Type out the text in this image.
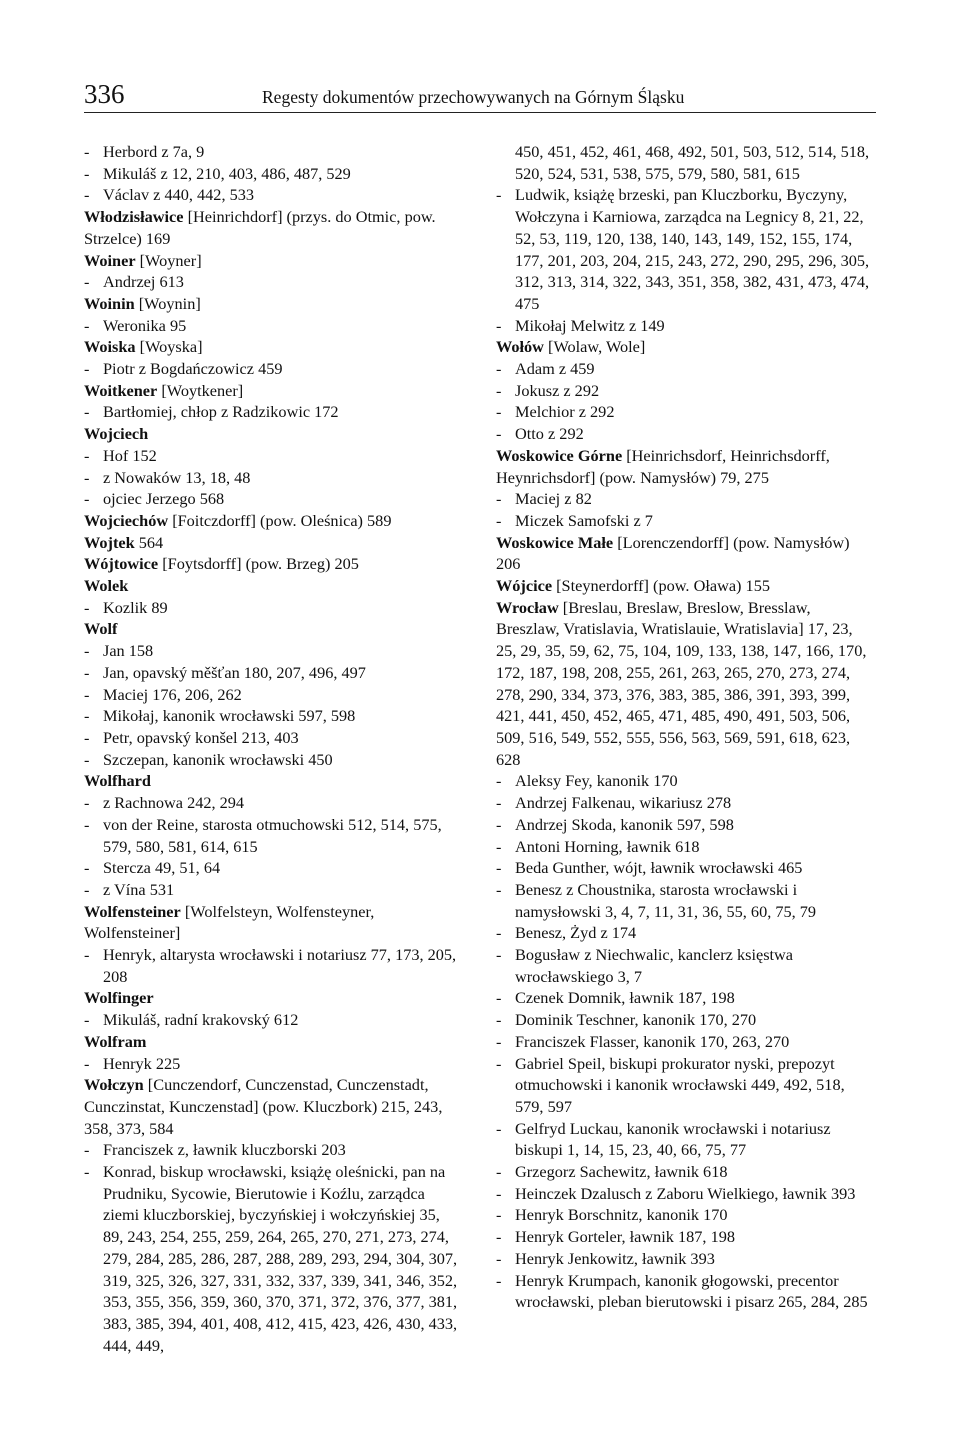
336	Regesty dokumentów przechowywanych na Górnym Śląsku

- Herbord z 7a, 9

- Mikuláš z 12, 210, 403, 486, 487, 529

- Václav z 440, 442, 533

Włodzisławice [Heinrichdorf] (przys. do Otmic, pow. Strzelce) 169

Woiner [Woyner]

- Andrzej 613

Woinin [Woynin]

- Weronika 95

Woiska [Woyska]

- Piotr z Bogdańczowicz 459

Woitkener [Woytkener]

- Bartłomiej, chłop z Radzikowic 172

Wojciech

- Hof 152

- z Nowaków 13, 18, 48

- ojciec Jerzego 568

Wojciechów [Foitczdorff] (pow. Oleśnica) 589

Wojtek 564

Wójtowice [Foytsdorff] (pow. Brzeg) 205

Wolek

- Kozlik 89

Wolf

- Jan 158

- Jan, opavský měšťan 180, 207, 496, 497

- Maciej 176, 206, 262

- Mikołaj, kanonik wrocławski 597, 598

- Petr, opavský konšel 213, 403

- Szczepan, kanonik wrocławski 450

Wolfhard

- z Rachnowa 242, 294

- von der Reine, starosta otmuchowski 512, 514, 575, 579, 580, 581, 614, 615

- Stercza 49, 51, 64

- z Vína 531

Wolfensteiner [Wolfelsteyn, Wolfensteyner, Wolfensteiner]

- Henryk, altarysta wrocławski i notariusz 77, 173, 205, 208

Wolfinger

- Mikuláš, radní krakovský 612

Wolfram

- Henryk 225

Wołczyn [Cunczendorf, Cunczenstad, Cunczenstadt, Cunczinstat, Kunczenstad] (pow. Kluczbork) 215, 243, 358, 373, 584

- Franciszek z, ławnik kluczborski 203

- Konrad, biskup wrocławski, książę oleśnicki, pan na Prudniku, Sycowie, Bierutowie i Koźlu, zarządca ziemi kluczborskiej, byczyńskiej i wołczyńskiej 35, 89, 243, 254, 255, 259, 264, 265, 270, 271, 273, 274, 279, 284, 285, 286, 287, 288, 289, 293, 294, 304, 307, 319, 325, 326, 327, 331, 332, 337, 339, 341, 346, 352, 353, 355, 356, 359, 360, 370, 371, 372, 376, 377, 381, 383, 385, 394, 401, 408, 412, 415, 423, 426, 430, 433, 444, 449,

450, 451, 452, 461, 468, 492, 501, 503, 512, 514, 518, 520, 524, 531, 538, 575, 579, 580, 581, 615

- Ludwik, książę brzeski, pan Kluczborku, Byczyny, Wołczyna i Karniowa, zarządca na Legnicy 8, 21, 22, 52, 53, 119, 120, 138, 140, 143, 149, 152, 155, 174, 177, 201, 203, 204, 215, 243, 272, 290, 295, 296, 305, 312, 313, 314, 322, 343, 351, 358, 382, 431, 473, 474, 475

- Mikołaj Melwitz z 149

Wołów [Wolaw, Wole]

- Adam z 459

- Jokusz z 292

- Melchior z 292

- Otto z 292

Woskowice Górne [Heinrichsdorf, Heinrichsdorff, Heynrichsdorf] (pow. Namysłów) 79, 275

- Maciej z 82

- Miczek Samofski z 7

Woskowice Małe [Lorenczendorff] (pow. Namysłów) 206

Wójcice [Steynerdorff] (pow. Oława) 155

Wrocław [Breslau, Breslaw, Breslow, Bresslaw, Breszlaw, Vratislavia, Wratislauie, Wratislavia] 17, 23, 25, 29, 35, 59, 62, 75, 104, 109, 133, 138, 147, 166, 170, 172, 187, 198, 208, 255, 261, 263, 265, 270, 273, 274, 278, 290, 334, 373, 376, 383, 385, 386, 391, 393, 399, 421, 441, 450, 452, 465, 471, 485, 490, 491, 503, 506, 509, 516, 549, 552, 555, 556, 563, 569, 591, 618, 623, 628

- Aleksy Fey, kanonik 170

- Andrzej Falkenau, wikariusz 278

- Andrzej Skoda, kanonik 597, 598

- Antoni Horning, ławnik 618

- Beda Gunther, wójt, ławnik wrocławski 465

- Benesz z Choustnika, starosta wrocławski i namysłowski 3, 4, 7, 11, 31, 36, 55, 60, 75, 79

- Benesz, Żyd z 174

- Bogusław z Niechwalic, kanclerz księstwa wrocławskiego 3, 7

- Czenek Domnik, ławnik 187, 198

- Dominik Teschner, kanonik 170, 270

- Franciszek Flasser, kanonik 170, 263, 270

- Gabriel Speil, biskupi prokurator nyski, prepozyt otmuchowski i kanonik wrocławski 449, 492, 518, 579, 597

- Gelfryd Luckau, kanonik wrocławski i notariusz biskupi 1, 14, 15, 23, 40, 66, 75, 77

- Grzegorz Sachewitz, ławnik 618

- Heinczek Dzalusch z Zaboru Wielkiego, ławnik 393

- Henryk Borschnitz, kanonik 170

- Henryk Gorteler, ławnik 187, 198

- Henryk Jenkowitz, ławnik 393

- Henryk Krumpach, kanonik głogowski, precentor wrocławski, pleban bierutowski i pisarz 265, 284, 285
